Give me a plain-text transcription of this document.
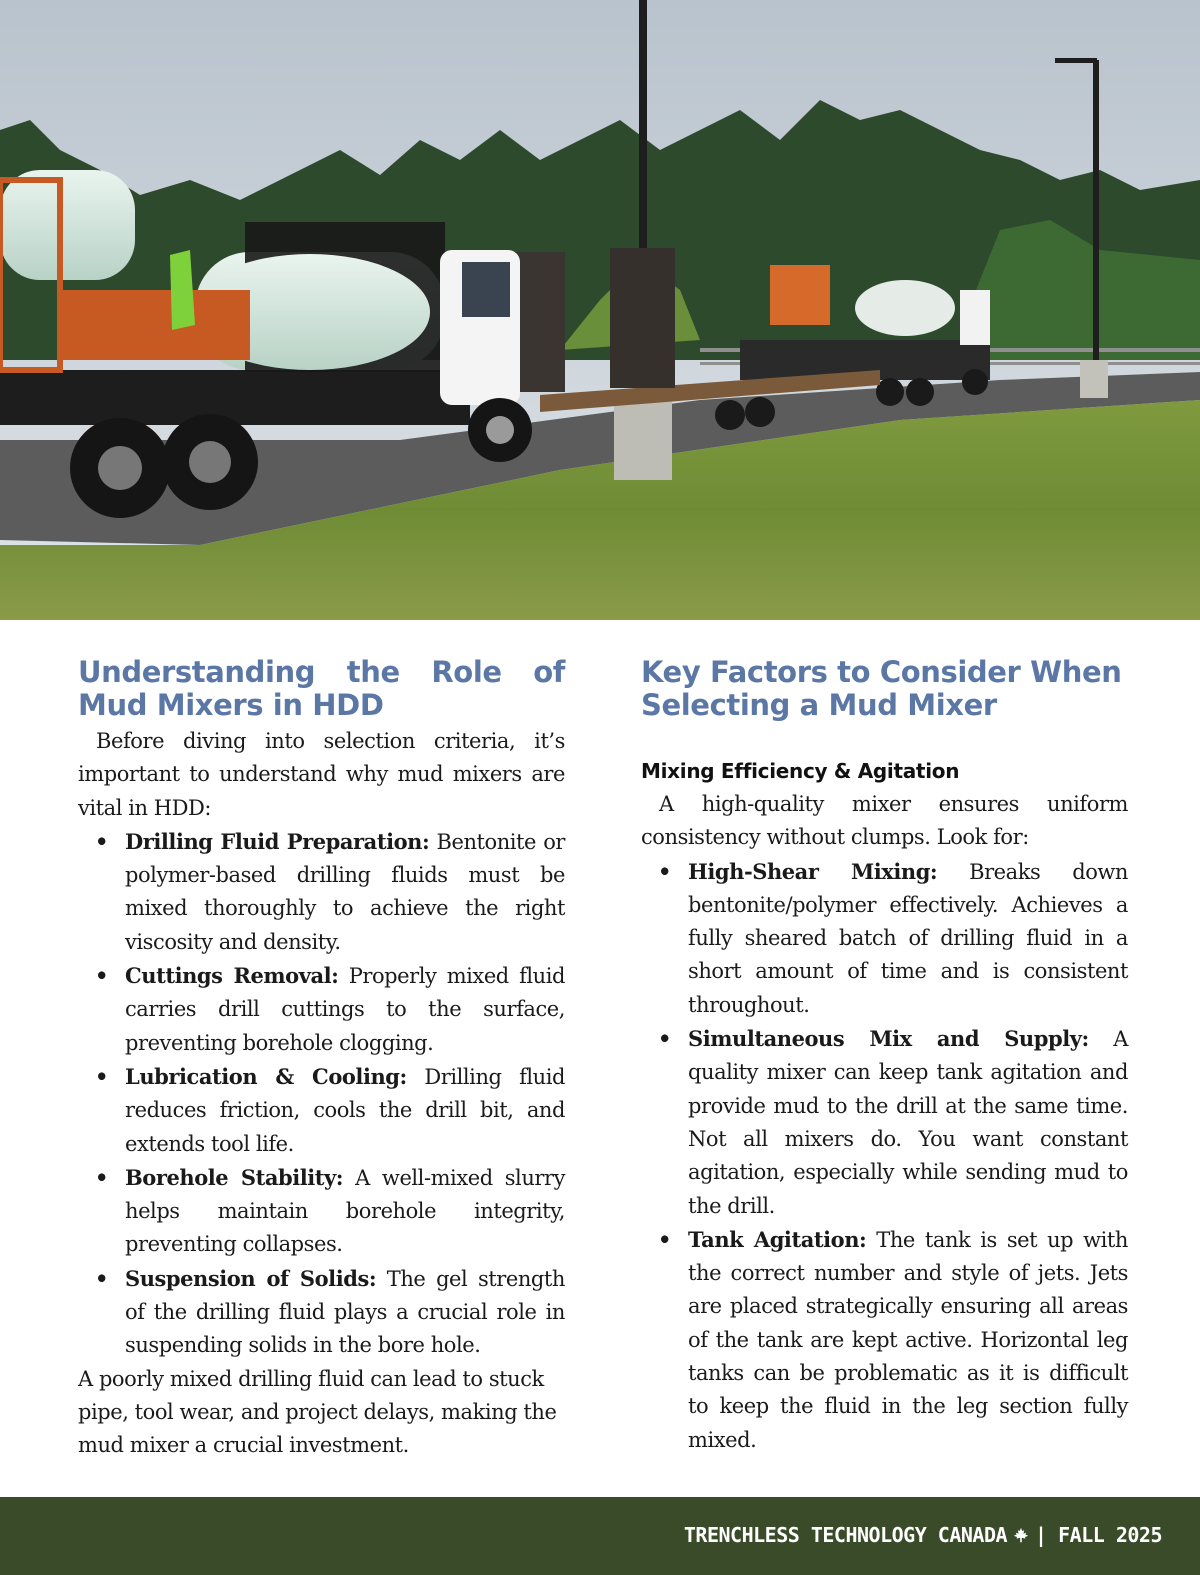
Understanding the Role of Mud Mixers in HDD

Before diving into selection criteria, it’s important to understand why mud mixers are vital in HDD:

• Drilling Fluid Preparation: Bentonite or polymer-based drilling fluids must be mixed thoroughly to achieve the right viscosity and density.
• Cuttings Removal: Properly mixed fluid carries drill cuttings to the surface, preventing borehole clogging.
• Lubrication & Cooling: Drilling fluid reduces friction, cools the drill bit, and extends tool life.
• Borehole Stability: A well-mixed slurry helps maintain borehole integrity, preventing collapses.
• Suspension of Solids: The gel strength of the drilling fluid plays a crucial role in suspending solids in the bore hole.

A poorly mixed drilling fluid can lead to stuck pipe, tool wear, and project delays, making the mud mixer a crucial investment.

Key Factors to Consider When Selecting a Mud Mixer
Mixing Efficiency & Agitation

A high-quality mixer ensures uniform consistency without clumps. Look for:

• High-Shear Mixing: Breaks down bentonite/polymer effectively. Achieves a fully sheared batch of drilling fluid in a short amount of time and is consistent throughout.
• Simultaneous Mix and Supply: A quality mixer can keep tank agitation and provide mud to the drill at the same time. Not all mixers do. You want constant agitation, especially while sending mud to the drill.
• Tank Agitation: The tank is set up with the correct number and style of jets. Jets are placed strategically ensuring all areas of the tank are kept active. Horizontal leg tanks can be problematic as it is difficult to keep the fluid in the leg section fully mixed.
TRENCHLESS TECHNOLOGY CANADA | FALL 2025
